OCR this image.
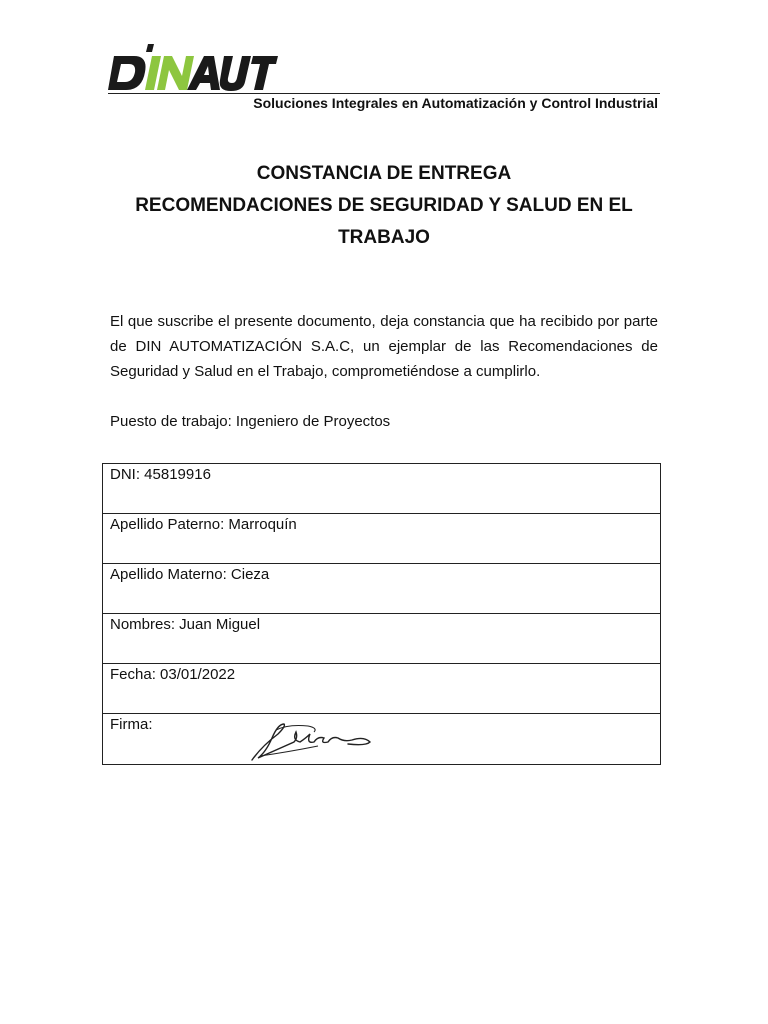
Soluciones Integrales en Automatización y Control Industrial
CONSTANCIA DE ENTREGA
RECOMENDACIONES DE SEGURIDAD Y SALUD EN EL
TRABAJO
El que suscribe el presente documento, deja constancia que ha recibido por parte de DIN AUTOMATIZACIÓN S.A.C, un ejemplar de las Recomendaciones de Seguridad y Salud en el Trabajo, comprometiéndose a cumplirlo.
Puesto de trabajo: Ingeniero de Proyectos
DNI: 45819916
Apellido Paterno: Marroquín
Apellido Materno: Cieza
Nombres: Juan Miguel
Fecha: 03/01/2022
Firma:
